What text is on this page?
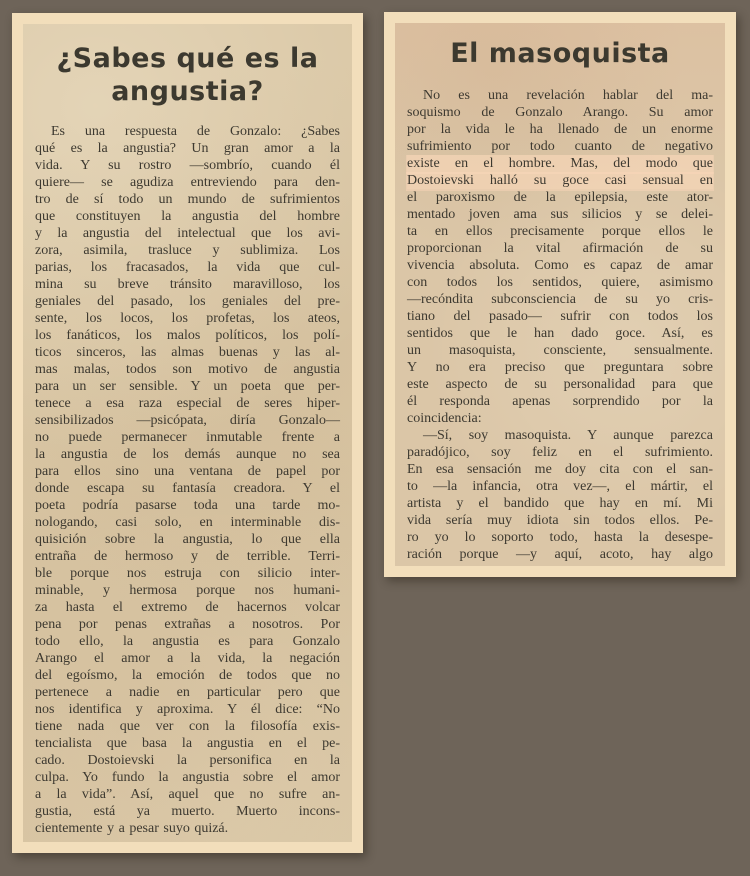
¿Sabes qué es la
angustia?
Es una respuesta de Gonzalo: ¿Sabes
qué es la angustia? Un gran amor a la
vida. Y su rostro —sombrío, cuando él
quiere— se agudiza entreviendo para den-
tro de sí todo un mundo de sufrimientos
que constituyen la angustia del hombre
y la angustia del intelectual que los avi-
zora, asimila, trasluce y sublimiza. Los
parias, los fracasados, la vida que cul-
mina su breve tránsito maravilloso, los
geniales del pasado, los geniales del pre-
sente, los locos, los profetas, los ateos,
los fanáticos, los malos políticos, los polí-
ticos sinceros, las almas buenas y las al-
mas malas, todos son motivo de angustia
para un ser sensible. Y un poeta que per-
tenece a esa raza especial de seres hiper-
sensibilizados —psicópata, diría Gonzalo—
no puede permanecer inmutable frente a
la angustia de los demás aunque no sea
para ellos sino una ventana de papel por
donde escapa su fantasía creadora. Y el
poeta podría pasarse toda una tarde mo-
nologando, casi solo, en interminable dis-
quisición sobre la angustia, lo que ella
entraña de hermoso y de terrible. Terri-
ble porque nos estruja con silicio inter-
minable, y hermosa porque nos humani-
za hasta el extremo de hacernos volcar
pena por penas extrañas a nosotros. Por
todo ello, la angustia es para Gonzalo
Arango el amor a la vida, la negación
del egoísmo, la emoción de todos que no
pertenece a nadie en particular pero que
nos identifica y aproxima. Y él dice: “No
tiene nada que ver con la filosofía exis-
tencialista que basa la angustia en el pe-
cado. Dostoievski la personifica en la
culpa. Yo fundo la angustia sobre el amor
a la vida”. Así, aquel que no sufre an-
gustia, está ya muerto. Muerto incons-
cientemente y a pesar suyo quizá.
El masoquista
No es una revelación hablar del ma-
soquismo de Gonzalo Arango. Su amor
por la vida le ha llenado de un enorme
sufrimiento por todo cuanto de negativo
existe en el hombre. Mas, del modo que
Dostoievski halló su goce casi sensual en
el paroxismo de la epilepsia, este ator-
mentado joven ama sus silicios y se delei-
ta en ellos precisamente porque ellos le
proporcionan la vital afirmación de su
vivencia absoluta. Como es capaz de amar
con todos los sentidos, quiere, asimismo
—recóndita subconsciencia de su yo cris-
tiano del pasado— sufrir con todos los
sentidos que le han dado goce. Así, es
un masoquista, consciente, sensualmente.
Y no era preciso que preguntara sobre
este aspecto de su personalidad para que
él responda apenas sorprendido por la
coincidencia:
—Sí, soy masoquista. Y aunque parezca
paradójico, soy feliz en el sufrimiento.
En esa sensación me doy cita con el san-
to —la infancia, otra vez—, el mártir, el
artista y el bandido que hay en mí. Mi
vida sería muy idiota sin todos ellos. Pe-
ro yo lo soporto todo, hasta la desespe-
ración porque —y aquí, acoto, hay algo
